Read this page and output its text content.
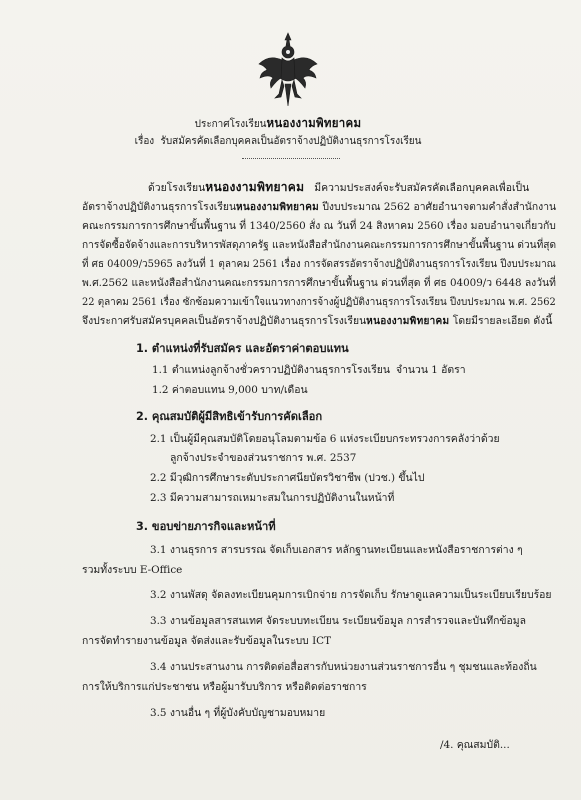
ประกาศโรงเรียนหนองงามพิทยาคม
เรื่อง รับสมัครคัดเลือกบุคคลเป็นอัตราจ้างปฏิบัติงานธุรการโรงเรียน
ด้วยโรงเรียนหนองงามพิทยาคม มีความประสงค์จะรับสมัครคัดเลือกบุคคลเพื่อเป็น
อัตราจ้างปฏิบัติงานธุรการโรงเรียนหนองงามพิทยาคม ปีงบประมาณ 2562 อาศัยอำนาจตามคำสั่งสำนักงาน
คณะกรรมการการศึกษาขั้นพื้นฐาน ที่ 1340/2560 สั่ง ณ วันที่ 24 สิงหาคม 2560 เรื่อง มอบอำนาจเกี่ยวกับ
การจัดซื้อจัดจ้างและการบริหารพัสดุภาครัฐ และหนังสือสำนักงานคณะกรรมการการศึกษาขั้นพื้นฐาน ด่วนที่สุด
ที่ ศธ 04009/ว5965 ลงวันที่ 1 ตุลาคม 2561 เรื่อง การจัดสรรอัตราจ้างปฏิบัติงานธุรการโรงเรียน ปีงบประมาณ
พ.ศ.2562 และหนังสือสำนักงานคณะกรรมการการศึกษาขั้นพื้นฐาน ด่วนที่สุด ที่ ศธ 04009/ว 6448 ลงวันที่
22 ตุลาคม 2561 เรื่อง ซักซ้อมความเข้าใจแนวทางการจ้างผู้ปฏิบัติงานธุรการโรงเรียน ปีงบประมาณ พ.ศ. 2562
จึงประกาศรับสมัครบุคคลเป็นอัตราจ้างปฏิบัติงานธุรการโรงเรียนหนองงามพิทยาคม โดยมีรายละเอียด ดังนี้
1. ตำแหน่งที่รับสมัคร และอัตราค่าตอบแทน
1.1 ตำแหน่งลูกจ้างชั่วคราวปฏิบัติงานธุรการโรงเรียน จำนวน 1 อัตรา
1.2 ค่าตอบแทน 9,000 บาท/เดือน
2. คุณสมบัติผู้มีสิทธิเข้ารับการคัดเลือก
2.1 เป็นผู้มีคุณสมบัติโดยอนุโลมตามข้อ 6 แห่งระเบียบกระทรวงการคลังว่าด้วย
ลูกจ้างประจำของส่วนราชการ พ.ศ. 2537
2.2 มีวุฒิการศึกษาระดับประกาศนียบัตรวิชาชีพ (ปวช.) ขึ้นไป
2.3 มีความสามารถเหมาะสมในการปฏิบัติงานในหน้าที่
3. ขอบข่ายภารกิจและหน้าที่
3.1 งานธุรการ สารบรรณ จัดเก็บเอกสาร หลักฐานทะเบียนและหนังสือราชการต่าง ๆ
รวมทั้งระบบ E-Office
3.2 งานพัสดุ จัดลงทะเบียนคุมการเบิกจ่าย การจัดเก็บ รักษาดูแลความเป็นระเบียบเรียบร้อย
3.3 งานข้อมูลสารสนเทศ จัดระบบทะเบียน ระเบียนข้อมูล การสำรวจและบันทึกข้อมูล
การจัดทำรายงานข้อมูล จัดส่งและรับข้อมูลในระบบ ICT
3.4 งานประสานงาน การติดต่อสื่อสารกับหน่วยงานส่วนราชการอื่น ๆ ชุมชนและท้องถิ่น
การให้บริการแก่ประชาชน หรือผู้มารับบริการ หรือติดต่อราชการ
3.5 งานอื่น ๆ ที่ผู้บังคับบัญชามอบหมาย
/4. คุณสมบัติ...
